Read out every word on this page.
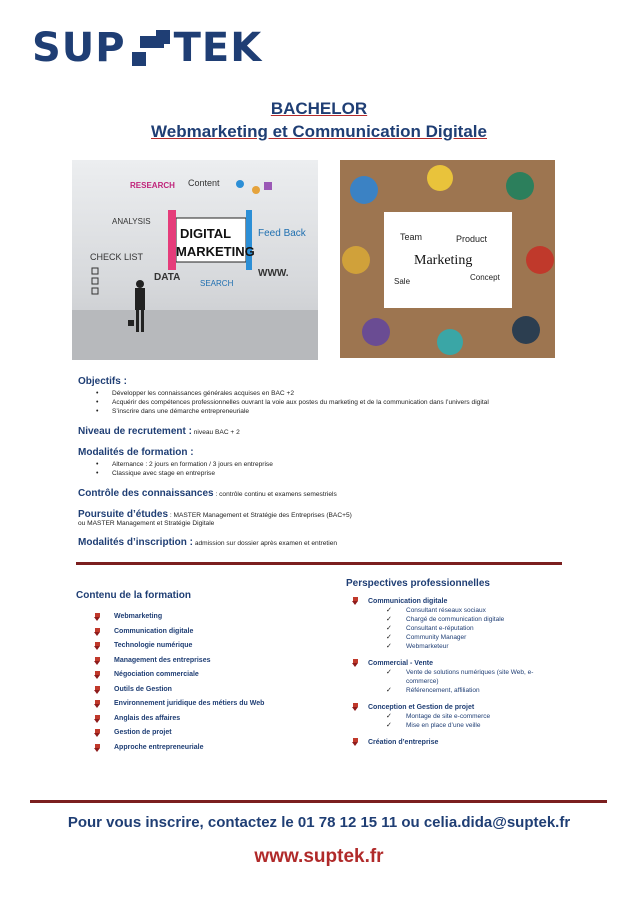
SUP TEK
BACHELOR
Webmarketing et Communication Digitale
DIGITAL
MARKETING
RESEARCH Content
ANALYSIS
Feed Back
CHECK LIST
DATA
SEARCH
WWW.
Team	Product
Marketing
Sale	Concept
Objectifs :
• Développer les connaissances générales acquises en BAC +2
• Acquérir des compétences professionnelles ouvrant la voie aux postes du marketing et de la communication dans l’univers digital
• S’inscrire dans une démarche entrepreneuriale
Niveau de recrutement : niveau BAC + 2
Modalités de formation :
• Alternance : 2 jours en formation / 3 jours en entreprise
• Classique avec stage en entreprise
Contrôle des connaissances : contrôle continu et examens semestriels
Poursuite d’études : MASTER Management et Stratégie des Entreprises (BAC+5)
ou MASTER Management et Stratégie Digitale
Modalités d’inscription : admission sur dossier après examen et entretien
Contenu de la formation
Webmarketing
Communication digitale
Technologie numérique
Management des entreprises
Négociation commerciale
Outils de Gestion
Environnement juridique des métiers du Web
Anglais des affaires
Gestion de projet
Approche entrepreneuriale
Perspectives professionnelles
Communication digitale
✓ Consultant réseaux sociaux
✓ Chargé de communication digitale
✓ Consultant e-réputation
✓ Community Manager
✓ Webmarketeur
Commercial - Vente
✓ Vente de solutions numériques (site Web, e-
commerce)
✓ Référencement, affiliation
Conception et Gestion de projet
✓ Montage de site e-commerce
✓ Mise en place d’une veille
Création d’entreprise
Pour vous inscrire, contactez le 01 78 12 15 11 ou celia.dida@suptek.fr
www.suptek.fr
